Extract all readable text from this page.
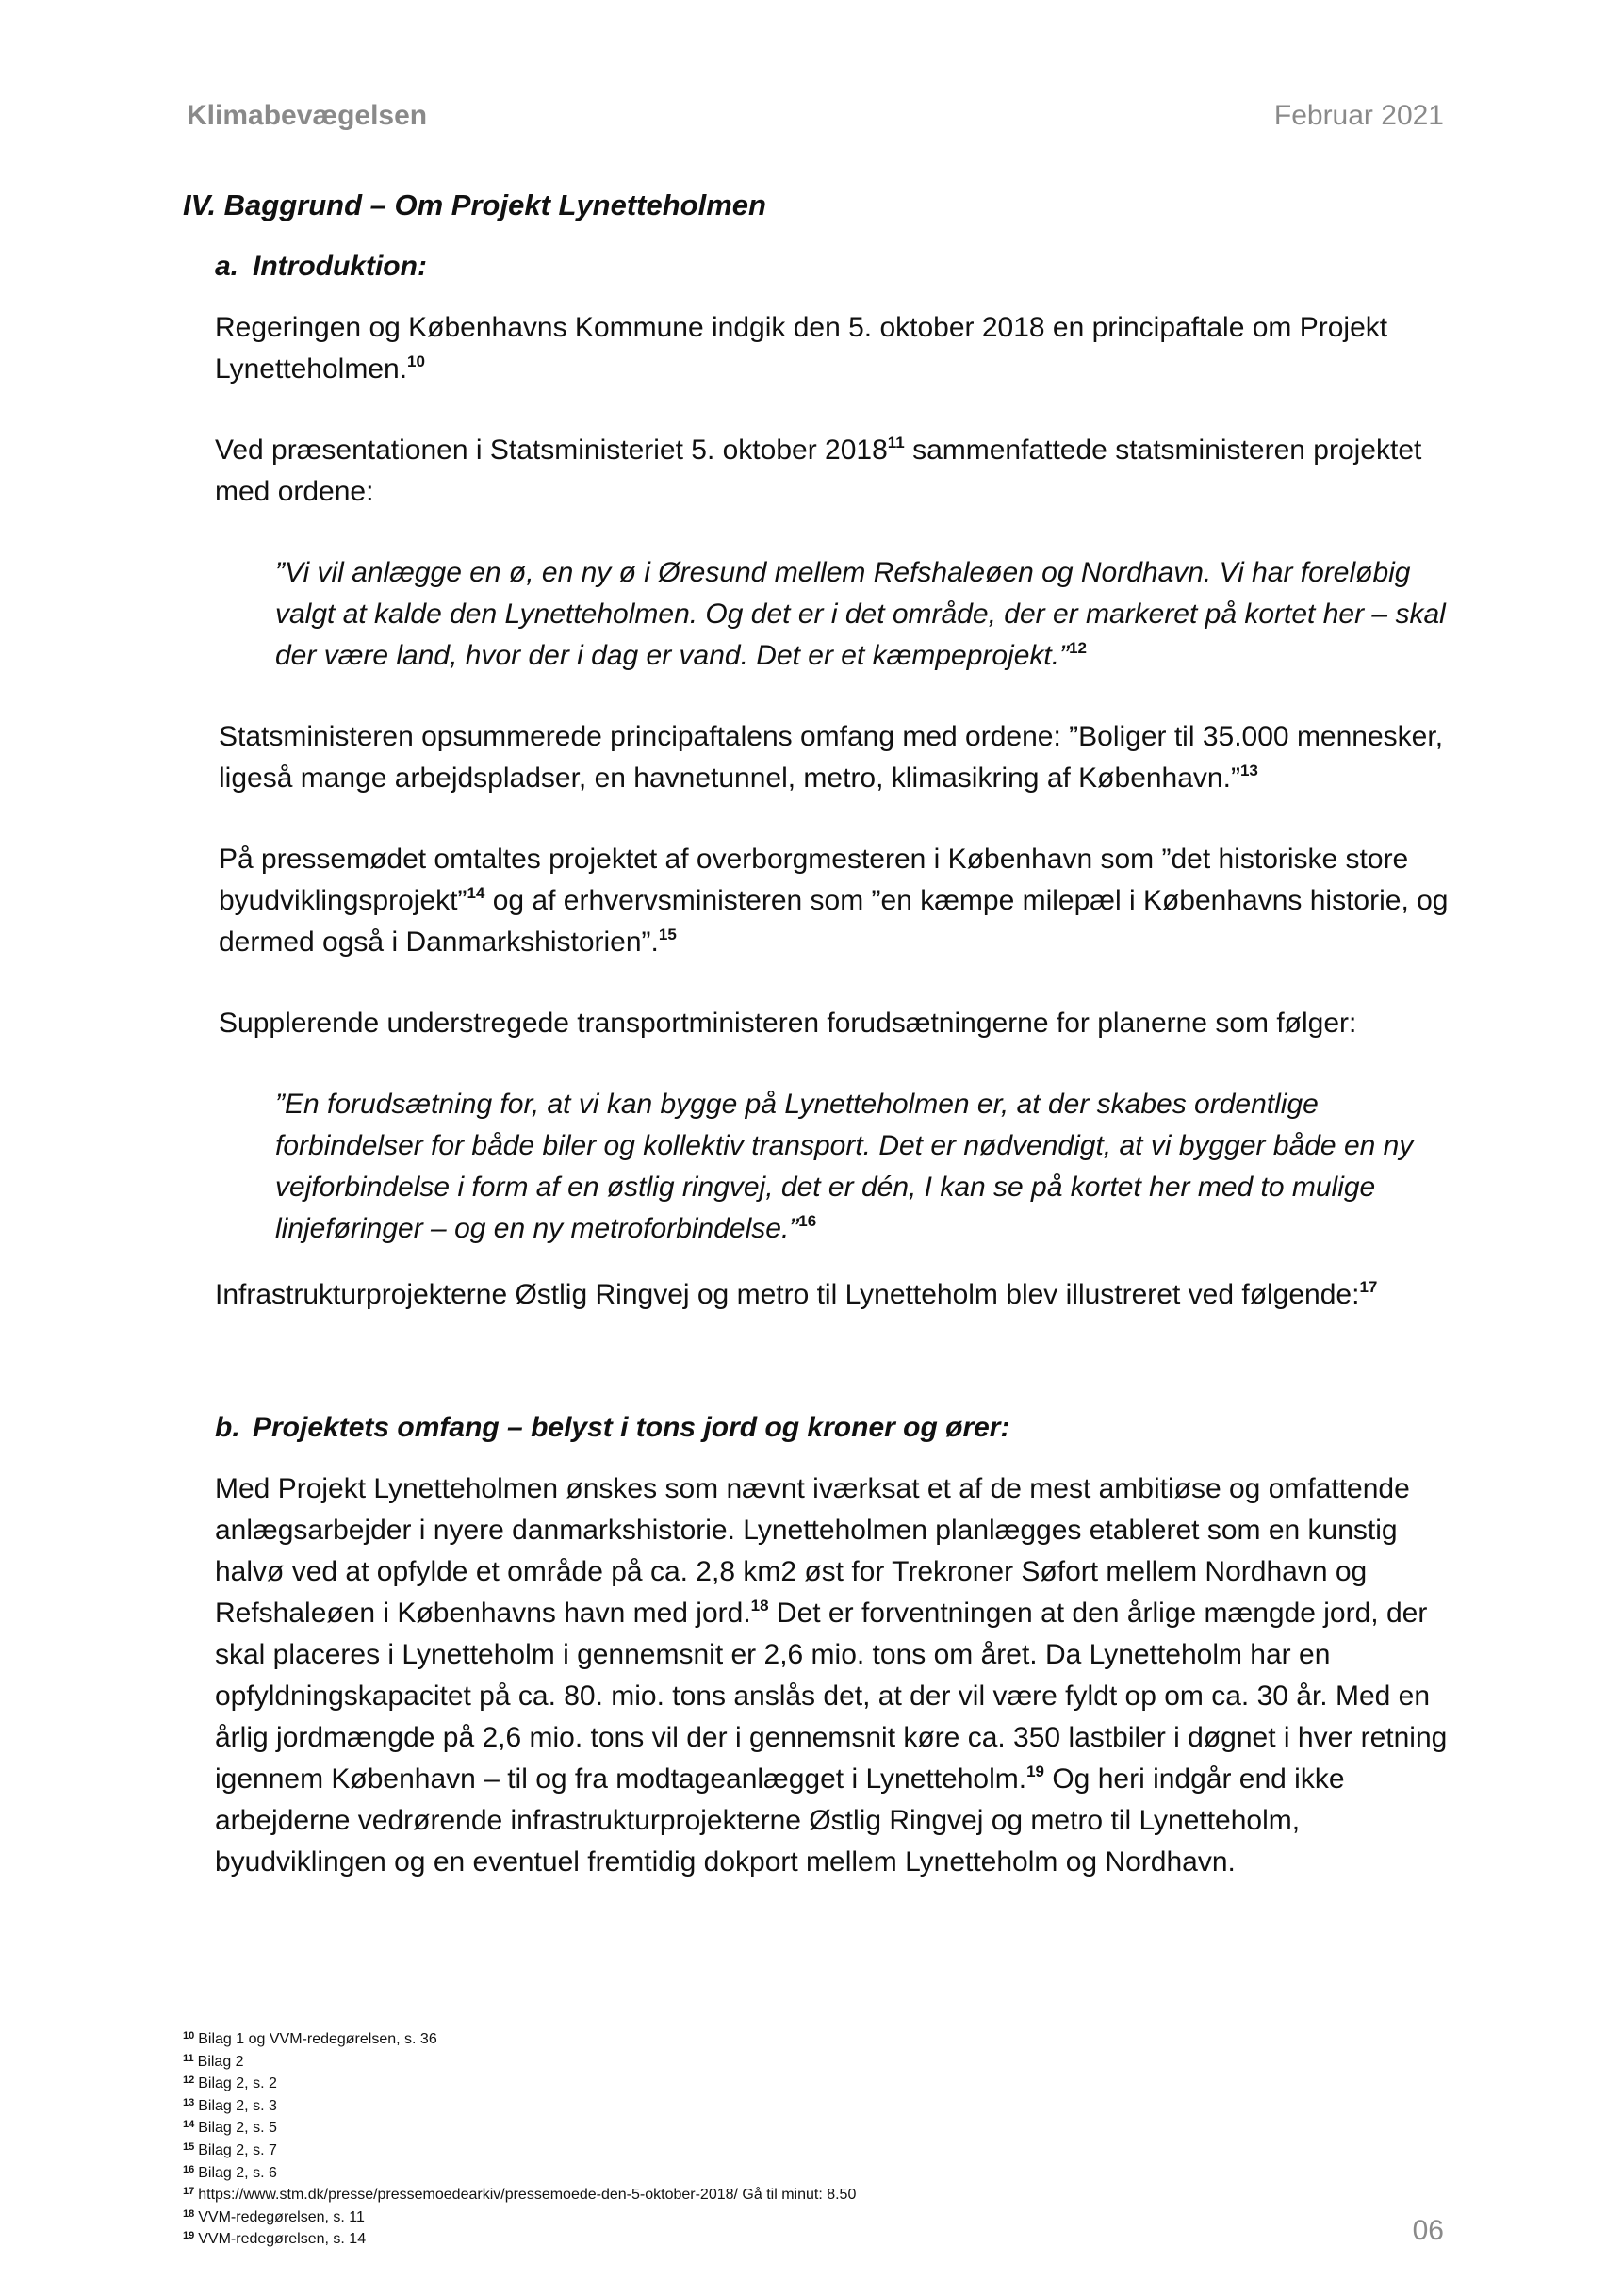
Klimabevægelsen	Februar 2021
IV. Baggrund – Om Projekt Lynetteholmen
a. Introduktion:
Regeringen og Københavns Kommune indgik den 5. oktober 2018 en principaftale om Projekt Lynetteholmen.$^{10}$
Ved præsentationen i Statsministeriet 5. oktober 2018$^{11}$ sammenfattede statsministeren projektet med ordene:
”Vi vil anlægge en ø, en ny ø i Øresund mellem Refshaleøen og Nordhavn. Vi har foreløbig valgt at kalde den Lynetteholmen. Og det er i det område, der er markeret på kortet her – skal der være land, hvor der i dag er vand. Det er et kæmpeprojekt.”$^{12}$
Statsministeren opsummerede principaftalens omfang med ordene: ”Boliger til 35.000 mennesker, ligeså mange arbejdspladser, en havnetunnel, metro, klimasikring af København.”$^{13}$
På pressemødet omtaltes projektet af overborgmesteren i København som ”det historiske store byudviklingsprojekt”$^{14}$ og af erhvervsministeren som ”en kæmpe milepæl i Københavns historie, og dermed også i Danmarkshistorien”.$^{15}$
Supplerende understregede transportministeren forudsætningerne for planerne som følger:
”En forudsætning for, at vi kan bygge på Lynetteholmen er, at der skabes ordentlige forbindelser for både biler og kollektiv transport. Det er nødvendigt, at vi bygger både en ny vejforbindelse i form af en østlig ringvej, det er dén, I kan se på kortet her med to mulige linjeføringer – og en ny metroforbindelse.”$^{16}$
Infrastrukturprojekterne Østlig Ringvej og metro til Lynetteholm blev illustreret ved følgende:$^{17}$
b. Projektets omfang – belyst i tons jord og kroner og ører:
Med Projekt Lynetteholmen ønskes som nævnt iværksat et af de mest ambitiøse og omfattende anlægsarbejder i nyere danmarkshistorie. Lynetteholmen planlægges etableret som en kunstig halvø ved at opfylde et område på ca. 2,8 km2 øst for Trekroner Søfort mellem Nordhavn og Refshaleøen i Københavns havn med jord.$^{18}$ Det er forventningen at den årlige mængde jord, der skal placeres i Lynetteholm i gennemsnit er 2,6 mio. tons om året. Da Lynetteholm har en opfyldningskapacitet på ca. 80. mio. tons anslås det, at der vil være fyldt op om ca. 30 år. Med en årlig jordmængde på 2,6 mio. tons vil der i gennemsnit køre ca. 350 lastbiler i døgnet i hver retning igennem København – til og fra modtageanlægget i Lynetteholm.$^{19}$ Og heri indgår end ikke arbejderne vedrørende infrastrukturprojekterne Østlig Ringvej og metro til Lynetteholm, byudviklingen og en eventuel fremtidig dokport mellem Lynetteholm og Nordhavn.
$^{10}$ Bilag 1 og VVM-redegørelsen, s. 36
$^{11}$ Bilag 2
$^{12}$ Bilag 2, s. 2
$^{13}$ Bilag 2, s. 3
$^{14}$ Bilag 2, s. 5
$^{15}$ Bilag 2, s. 7
$^{16}$ Bilag 2, s. 6
$^{17}$ https://www.stm.dk/presse/pressemoedearkiv/pressemoede-den-5-oktober-2018/ Gå til minut: 8.50
$^{18}$ VVM-redegørelsen, s. 11
$^{19}$ VVM-redegørelsen, s. 14	06
